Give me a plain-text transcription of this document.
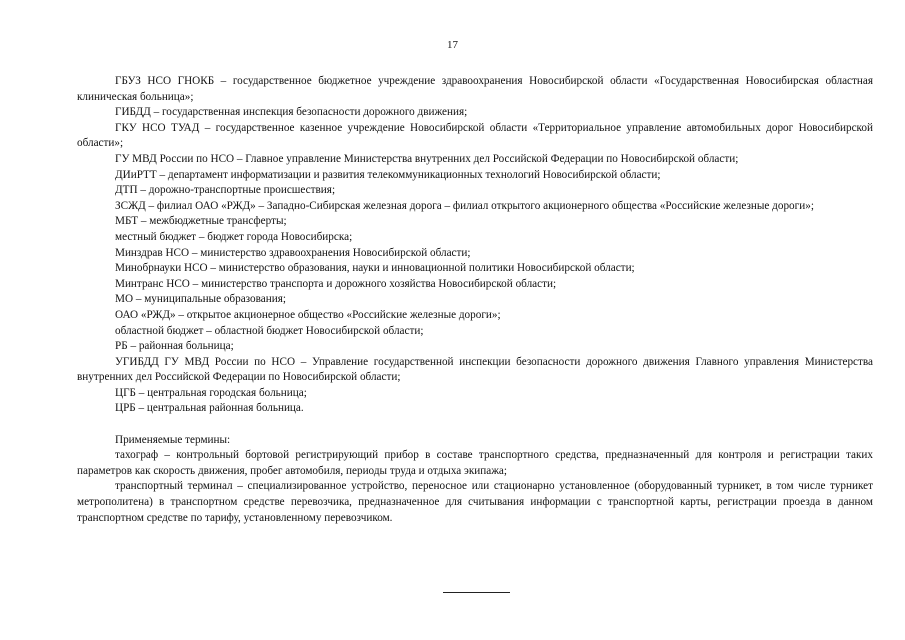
17

ГБУЗ НСО ГНОКБ – государственное бюджетное учреждение здравоохранения Новосибирской области «Государственная Новосибирская областная клиническая больница»;

ГИБДД – государственная инспекция безопасности дорожного движения;

ГКУ НСО ТУАД – государственное казенное учреждение Новосибирской области «Территориальное управление автомобильных дорог Новосибирской области»;

ГУ МВД России по НСО – Главное управление Министерства внутренних дел Российской Федерации по Новосибирской области;

ДИиРТТ – департамент информатизации и развития телекоммуникационных технологий Новосибирской области;

ДТП – дорожно-транспортные происшествия;

ЗСЖД – филиал ОАО «РЖД» – Западно-Сибирская железная дорога – филиал открытого акционерного общества «Российские железные дороги»;

МБТ – межбюджетные трансферты;

местный бюджет – бюджет города Новосибирска;

Минздрав НСО – министерство здравоохранения Новосибирской области;

Минобрнауки НСО – министерство образования, науки и инновационной политики Новосибирской области;

Минтранс НСО – министерство транспорта и дорожного хозяйства Новосибирской области;

МО – муниципальные образования;

ОАО «РЖД» – открытое акционерное общество «Российские железные дороги»;

областной бюджет – областной бюджет Новосибирской области;

РБ – районная больница;

УГИБДД ГУ МВД России по НСО – Управление государственной инспекции безопасности дорожного движения Главного управления Министерства внутренних дел Российской Федерации по Новосибирской области;

ЦГБ – центральная городская больница;

ЦРБ – центральная районная больница.

Применяемые термины:

тахограф – контрольный бортовой регистрирующий прибор в составе транспортного средства, предназначенный для контроля и регистрации таких параметров как скорость движения, пробег автомобиля, периоды труда и отдыха экипажа;

транспортный терминал – специализированное устройство, переносное или стационарно установленное (оборудованный турникет, в том числе турникет метрополитена) в транспортном средстве перевозчика, предназначенное для считывания информации с транспортной карты, регистрации проезда в данном транспортном средстве по тарифу, установленному перевозчиком.
